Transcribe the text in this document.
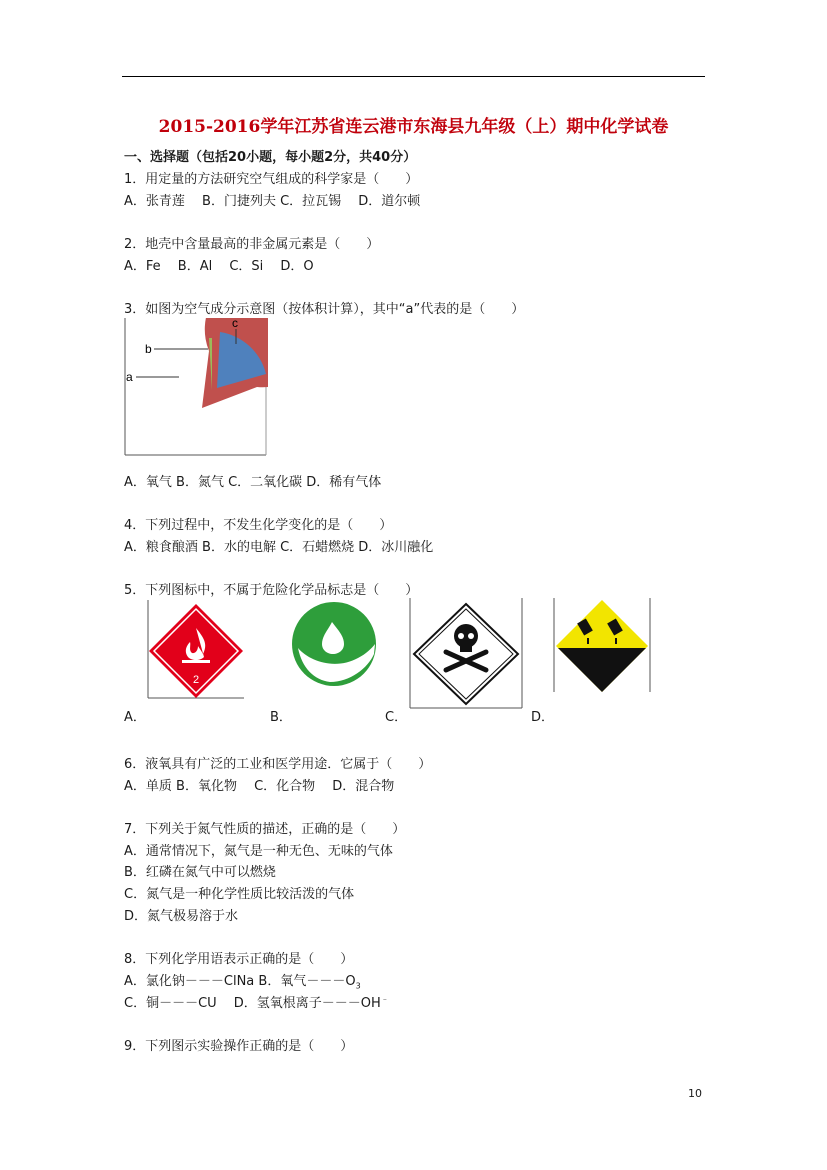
2015-2016学年江苏省连云港市东海县九年级（上）期中化学试卷
一、选择题（包括20小题，每小题2分，共40分）
1．用定量的方法研究空气组成的科学家是（　　）
A．张青莲　 B．门捷列夫 C．拉瓦锡　 D．道尔顿
2．地壳中含量最高的非金属元素是（　　）
A．Fe　 B．Al　 C．Si　 D．O
3．如图为空气成分示意图（按体积计算），其中“a”代表的是（　　）
a
b
c
A．氧气 B．氮气 C．二氧化碳 D．稀有气体
4．下列过程中，不发生化学变化的是（　　）
A．粮食酿酒 B．水的电解 C．石蜡燃烧 D．冰川融化
5．下列图标中，不属于危险化学品标志是（　　）
2
A．	B．	C．	D．
6．液氧具有广泛的工业和医学用途．它属于（　　）
A．单质 B．氧化物　 C．化合物　 D．混合物
7．下列关于氮气性质的描述，正确的是（　　）
A．通常情况下，氮气是一种无色、无味的气体
B．红磷在氮气中可以燃烧
C．氮气是一种化学性质比较活泼的气体
D．氮气极易溶于水
8．下列化学用语表示正确的是（　　）
A．氯化钠－－－ClNa B．氧气$---O_3$
C．铜－－－CU　 D．氢氧根离子－－－OH﹣
9．下列图示实验操作正确的是（　　）
10
